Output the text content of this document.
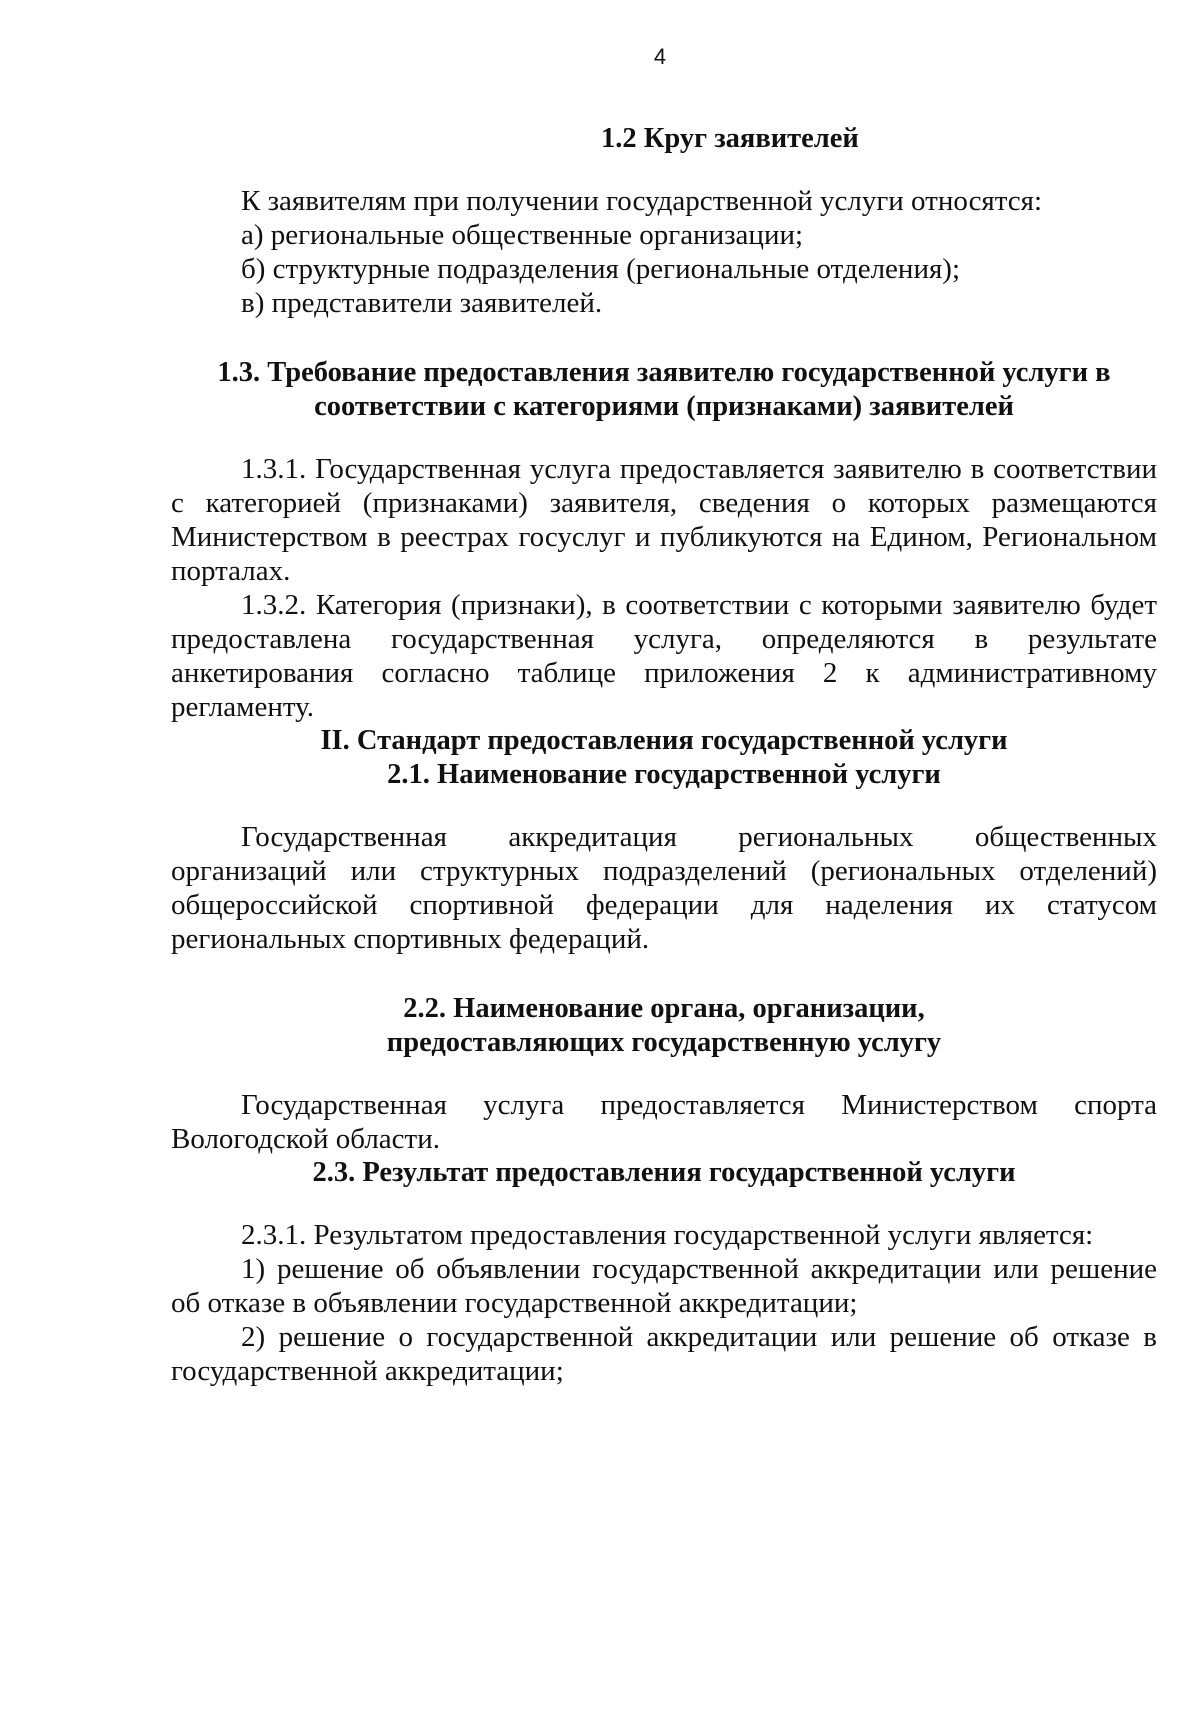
4
1.2 Круг заявителей

К заявителям при получении государственной услуги относятся:

а) региональные общественные организации;

б) структурные подразделения (региональные отделения);

в) представители заявителей.

1.3. Требование предоставления заявителю государственной услуги в
соответствии с категориями (признаками) заявителей

1.3.1. Государственная услуга предоставляется заявителю в соответствии с категорией (признаками) заявителя, сведения о которых размещаются Министерством в реестрах госуслуг и публикуются на Едином, Региональном порталах.

1.3.2. Категория (признаки), в соответствии с которыми заявителю будет предоставлена государственная услуга, определяются в результате анкетирования согласно таблице приложения 2 к административному регламенту.

II. Стандарт предоставления государственной услуги
2.1. Наименование государственной услуги

Государственная аккредитация региональных общественных организаций или структурных подразделений (региональных отделений) общероссийской спортивной федерации для наделения их статусом региональных спортивных федераций.

2.2. Наименование органа, организации,
предоставляющих государственную услугу

Государственная услуга предоставляется Министерством спорта Вологодской области.

2.3. Результат предоставления государственной услуги

2.3.1. Результатом предоставления государственной услуги является:

1) решение об объявлении государственной аккредитации или решение об отказе в объявлении государственной аккредитации;

2) решение о государственной аккредитации или решение об отказе в государственной аккредитации;
